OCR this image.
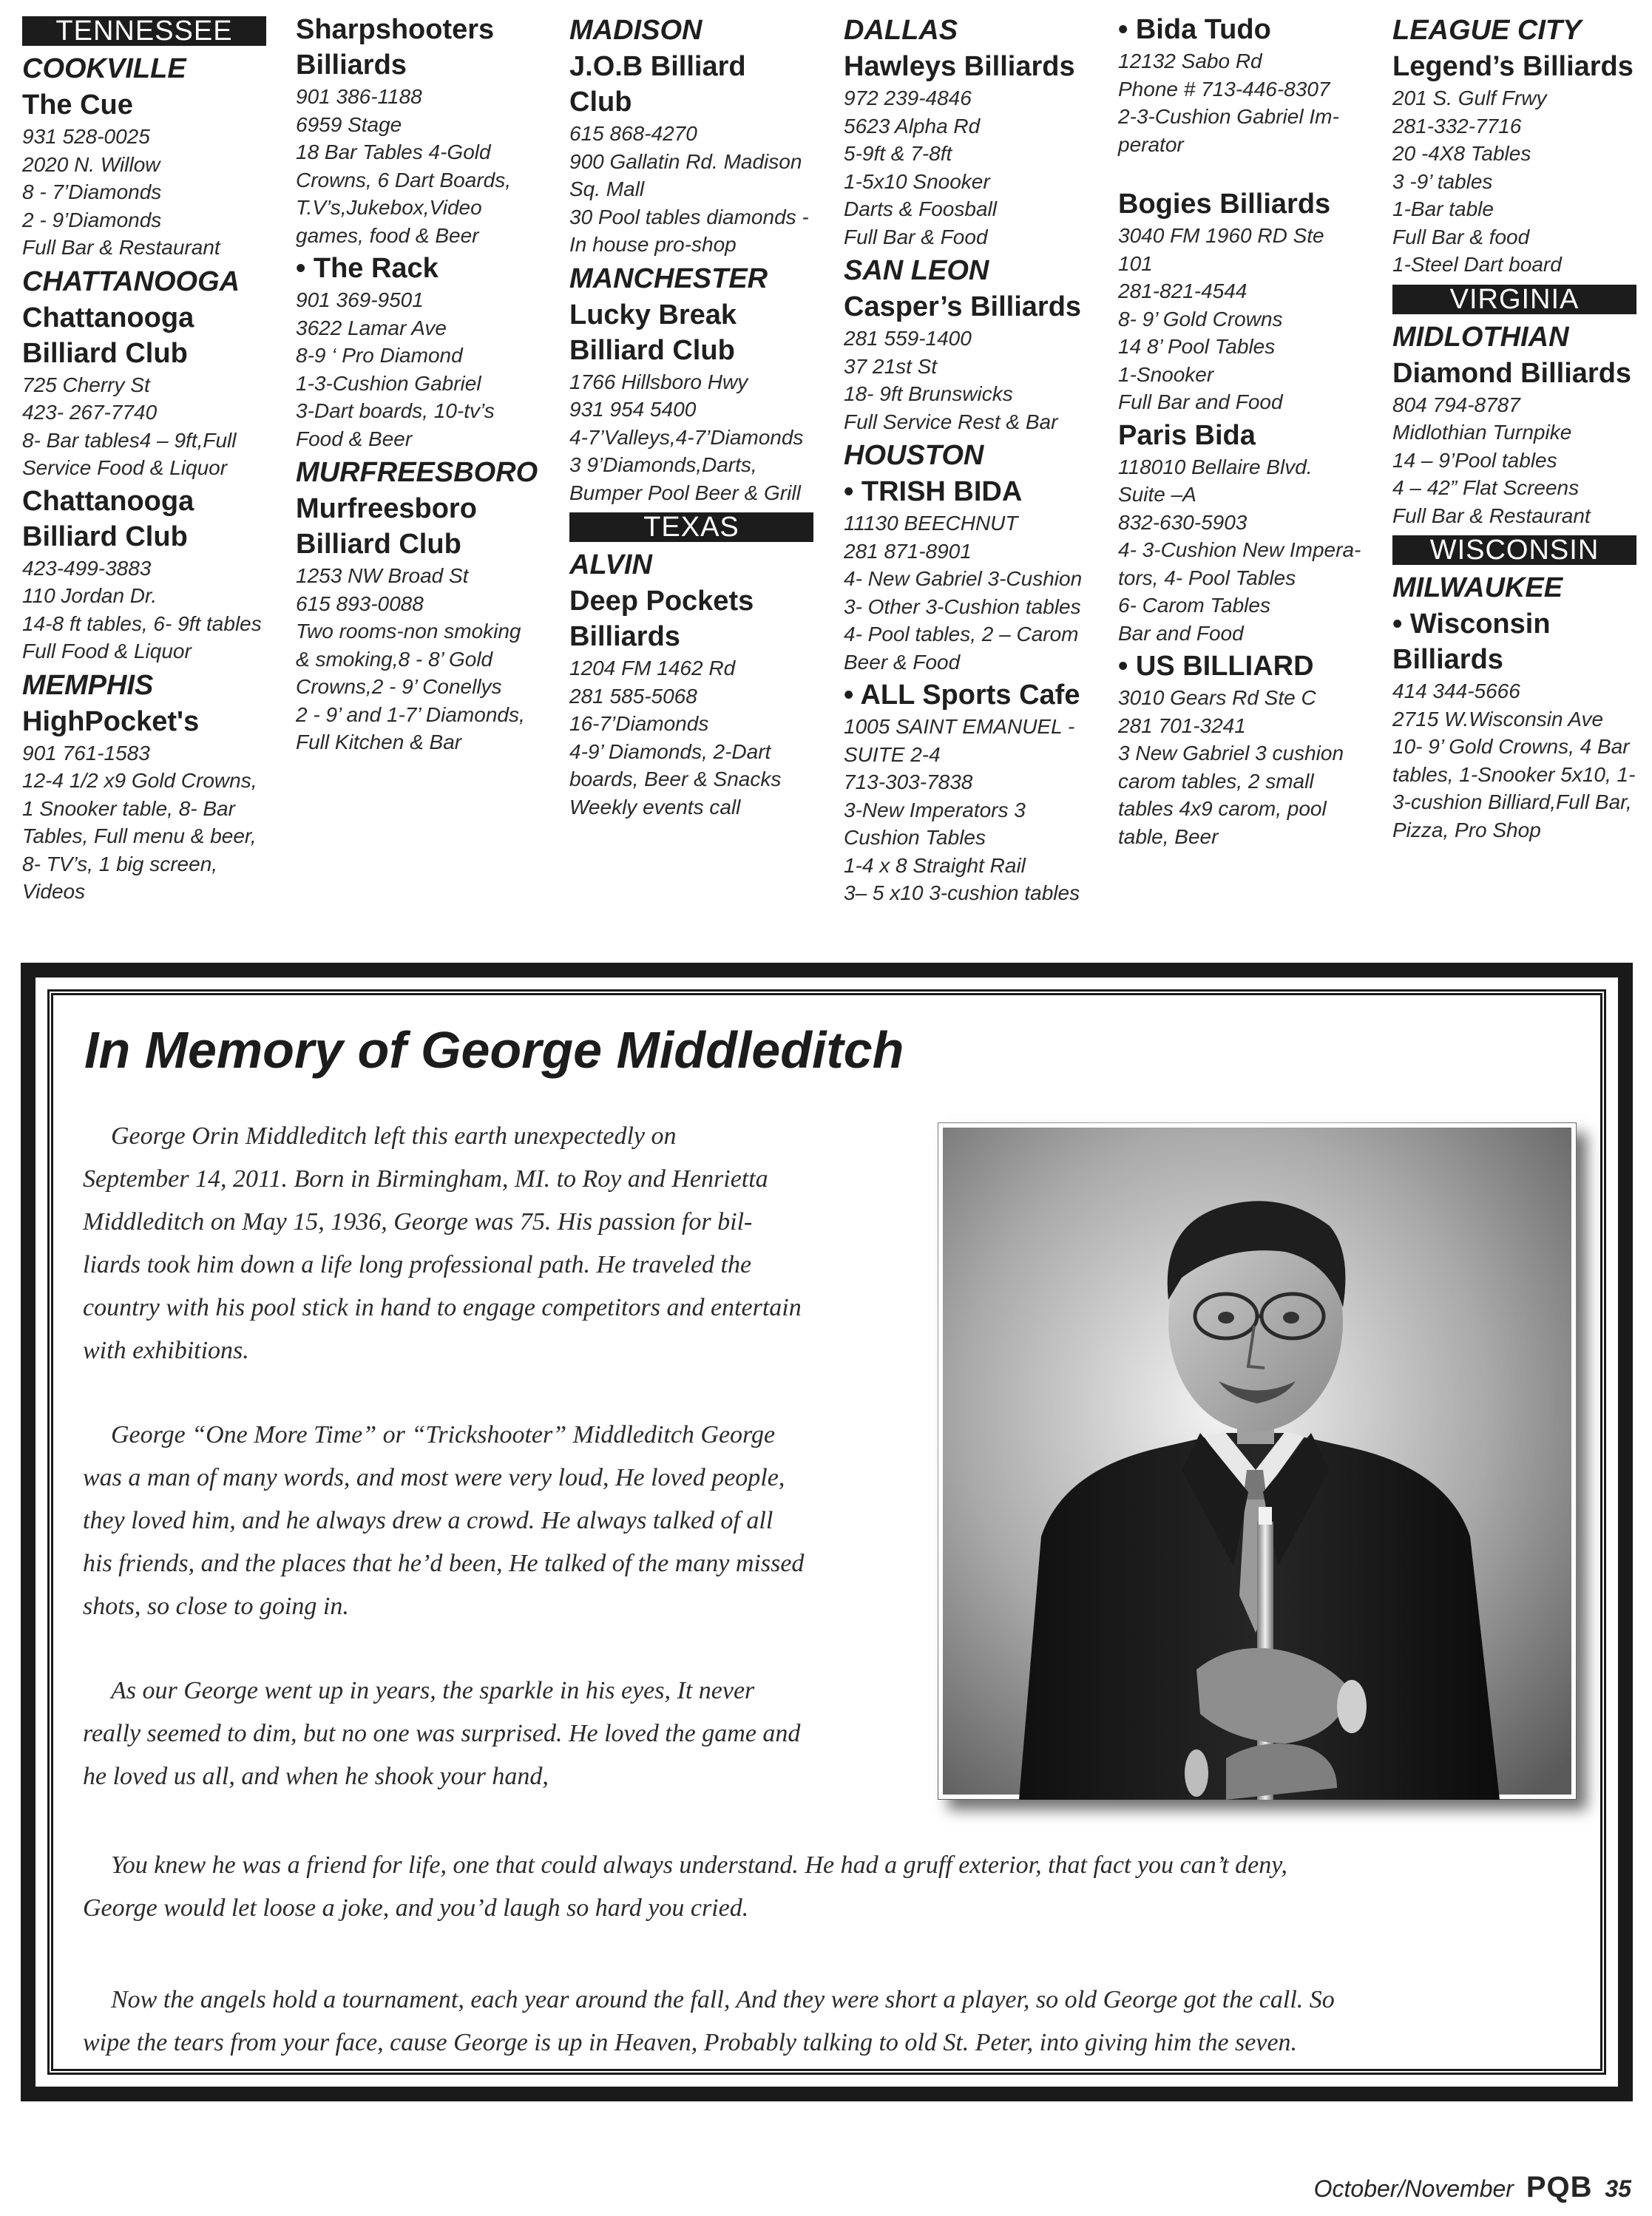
TENNESSEE
COOKVILLE
The Cue
931 528-0025
2020 N. Willow
8 - 7’Diamonds
2 - 9’Diamonds
Full Bar & Restaurant
CHATTANOOGA
Chattanooga
Billiard Club
725 Cherry St
423- 267-7740
8- Bar tables4 – 9ft,Full
Service Food & Liquor
Chattanooga
Billiard Club
423-499-3883
110 Jordan Dr.
14-8 ft tables, 6- 9ft tables
Full Food & Liquor
MEMPHIS
HighPocket's
901 761-1583
12-4 1/2 x9 Gold Crowns,
1 Snooker table, 8- Bar
Tables, Full menu & beer,
8- TV’s, 1 big screen,
Videos
Sharpshooters
Billiards
901 386-1188
6959 Stage
18 Bar Tables 4-Gold
Crowns, 6 Dart Boards,
T.V’s,Jukebox,Video
games, food & Beer
• The Rack
901 369-9501
3622 Lamar Ave
8-9 ‘ Pro Diamond
1-3-Cushion Gabriel
3-Dart boards, 10-tv’s
Food & Beer
MURFREESBORO
Murfreesboro
Billiard Club
1253 NW Broad St
615 893-0088
Two rooms-non smoking
& smoking,8 - 8’ Gold
Crowns,2 - 9’ Conellys
2 - 9’ and 1-7’ Diamonds,
Full Kitchen & Bar
MADISON
J.O.B Billiard Club
615 868-4270
900 Gallatin Rd. Madison
Sq. Mall
30 Pool tables diamonds -
In house pro-shop
MANCHESTER
Lucky Break
Billiard Club
1766 Hillsboro Hwy
931 954 5400
4-7’Valleys,4-7’Diamonds
3 9’Diamonds,Darts,
Bumper Pool Beer & Grill
TEXAS
ALVIN
Deep Pockets
Billiards
1204 FM 1462 Rd
281 585-5068
16-7’Diamonds
4-9’ Diamonds, 2-Dart
boards, Beer & Snacks
Weekly events call
DALLAS
Hawleys Billiards
972 239-4846
5623 Alpha Rd
5-9ft & 7-8ft
1-5x10 Snooker
Darts & Foosball
Full Bar & Food
SAN LEON
Casper’s Billiards
281 559-1400
37 21st St
18- 9ft Brunswicks
Full Service Rest & Bar
HOUSTON
• TRISH BIDA
11130 BEECHNUT
281 871-8901
4- New Gabriel 3-Cushion
3- Other 3-Cushion tables
4- Pool tables, 2 – Carom
Beer & Food
• ALL Sports Cafe
1005 SAINT EMANUEL -
SUITE 2-4
713-303-7838
3-New Imperators 3
Cushion Tables
1-4 x 8 Straight Rail
3– 5 x10 3-cushion tables
• Bida Tudo
12132 Sabo Rd
Phone # 713-446-8307
2-3-Cushion Gabriel Im-
perator
Bogies Billiards
3040 FM 1960 RD Ste
101
281-821-4544
8- 9’ Gold Crowns
14 8’ Pool Tables
1-Snooker
Full Bar and Food
Paris Bida
118010 Bellaire Blvd.
Suite –A
832-630-5903
4- 3-Cushion New Impera-
tors, 4- Pool Tables
6- Carom Tables
Bar and Food
• US BILLIARD
3010 Gears Rd Ste C
281 701-3241
3 New Gabriel 3 cushion
carom tables, 2 small
tables 4x9 carom, pool
table, Beer
LEAGUE CITY
Legend’s Billiards
201 S. Gulf Frwy
281-332-7716
20 -4X8 Tables
3 -9’ tables
1-Bar table
Full Bar & food
1-Steel Dart board
VIRGINIA
MIDLOTHIAN
Diamond Billiards
804 794-8787
Midlothian Turnpike
14 – 9’Pool tables
4 – 42” Flat Screens
Full Bar & Restaurant
WISCONSIN
MILWAUKEE
• Wisconsin
Billiards
414 344-5666
2715 W.Wisconsin Ave
10- 9’ Gold Crowns, 4 Bar
tables, 1-Snooker 5x10, 1-
3-cushion Billiard,Full Bar,
Pizza, Pro Shop
In Memory of George Middleditch
George Orin Middleditch left this earth unexpectedly on
September 14, 2011. Born in Birmingham, MI. to Roy and Henrietta
Middleditch on May 15, 1936, George was 75. His passion for bil-
liards took him down a life long professional path. He traveled the
country with his pool stick in hand to engage competitors and entertain
with exhibitions.
George “One More Time” or “Trickshooter” Middleditch George
was a man of many words, and most were very loud, He loved people,
they loved him, and he always drew a crowd. He always talked of all
his friends, and the places that he’d been, He talked of the many missed
shots, so close to going in.
As our George went up in years, the sparkle in his eyes, It never
really seemed to dim, but no one was surprised. He loved the game and
he loved us all, and when he shook your hand,
You knew he was a friend for life, one that could always understand. He had a gruff exterior, that fact you can’t deny,
George would let loose a joke, and you’d laugh so hard you cried.
Now the angels hold a tournament, each year around the fall, And they were short a player, so old George got the call. So
wipe the tears from your face, cause George is up in Heaven, Probably talking to old St. Peter, into giving him the seven.
October/November PQB 35
